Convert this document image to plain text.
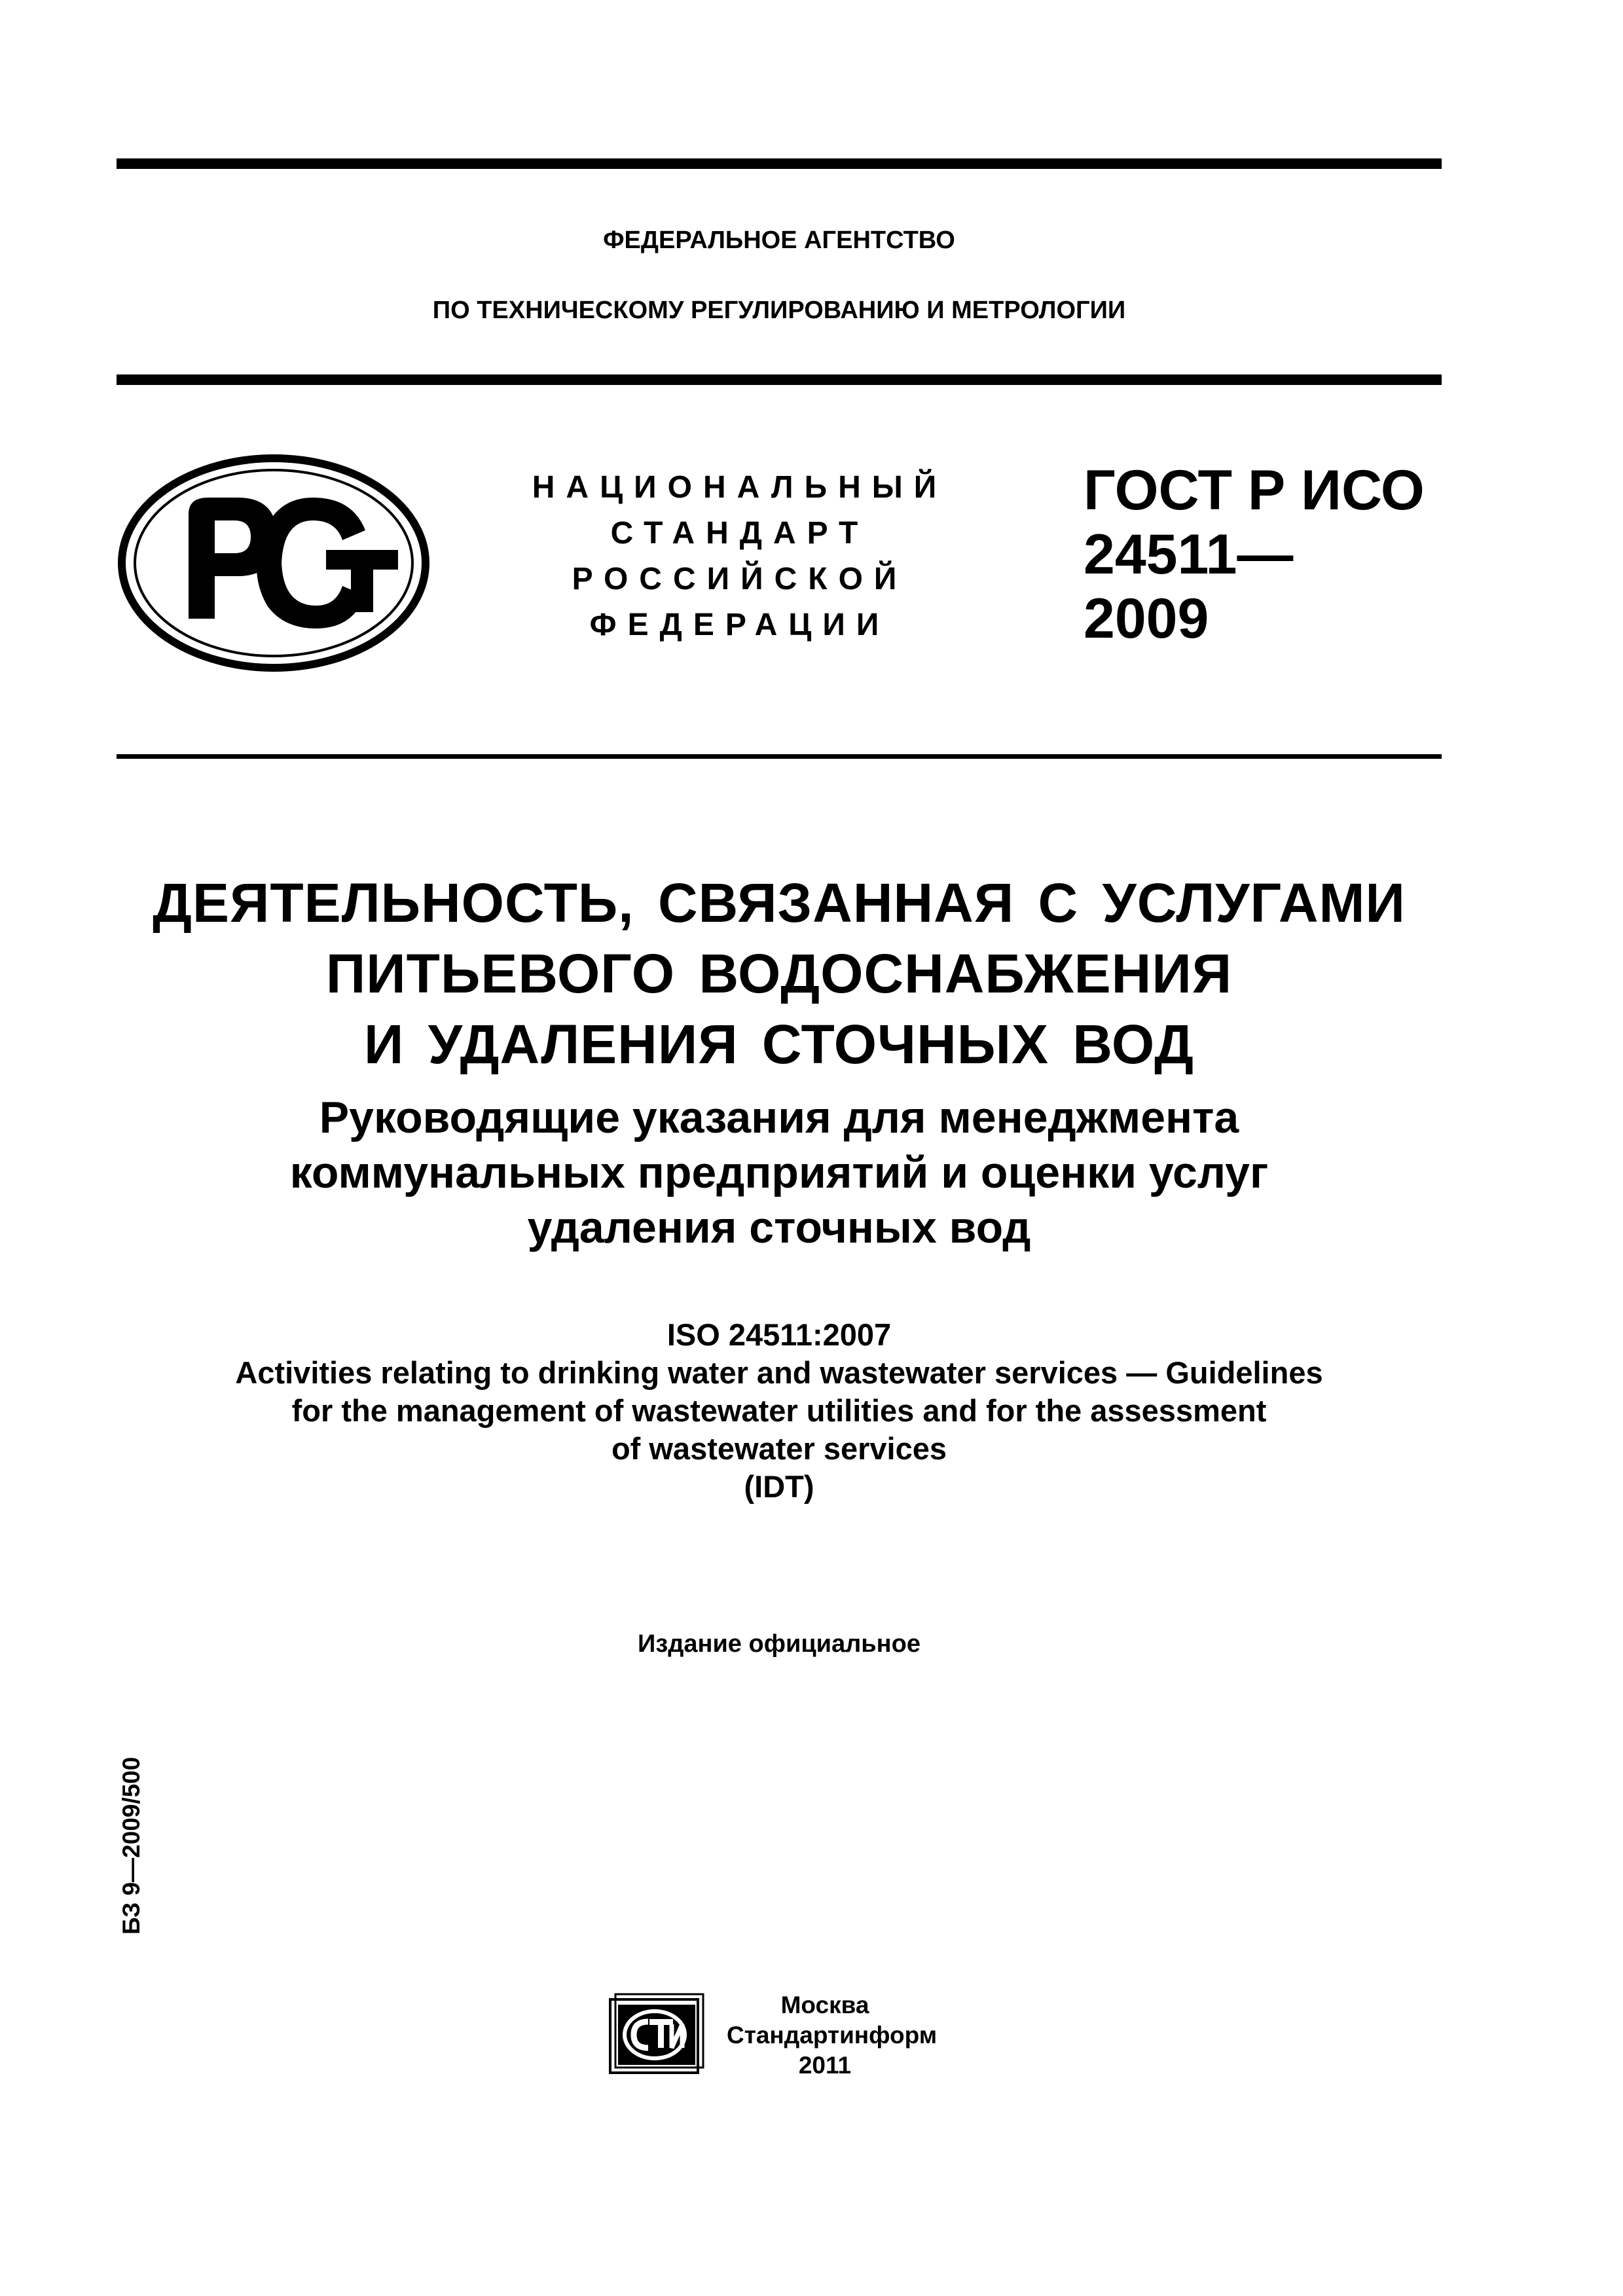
ФЕДЕРАЛЬНОЕ АГЕНТСТВО
ПО ТЕХНИЧЕСКОМУ РЕГУЛИРОВАНИЮ И МЕТРОЛОГИИ
НАЦИОНАЛЬНЫЙ
СТАНДАРТ
РОССИЙСКОЙ
ФЕДЕРАЦИИ
ГОСТ Р ИСО
24511—
2009
ДЕЯТЕЛЬНОСТЬ, СВЯЗАННАЯ С УСЛУГАМИ
ПИТЬЕВОГО ВОДОСНАБЖЕНИЯ
И УДАЛЕНИЯ СТОЧНЫХ ВОД
Руководящие указания для менеджмента
коммунальных предприятий и оценки услуг
удаления сточных вод
ISO 24511:2007
Activities relating to drinking water and wastewater services — Guidelines
for the management of wastewater utilities and for the assessment
of wastewater services
(IDT)
Издание официальное
БЗ 9—2009/500
Москва
Стандартинформ
2011
